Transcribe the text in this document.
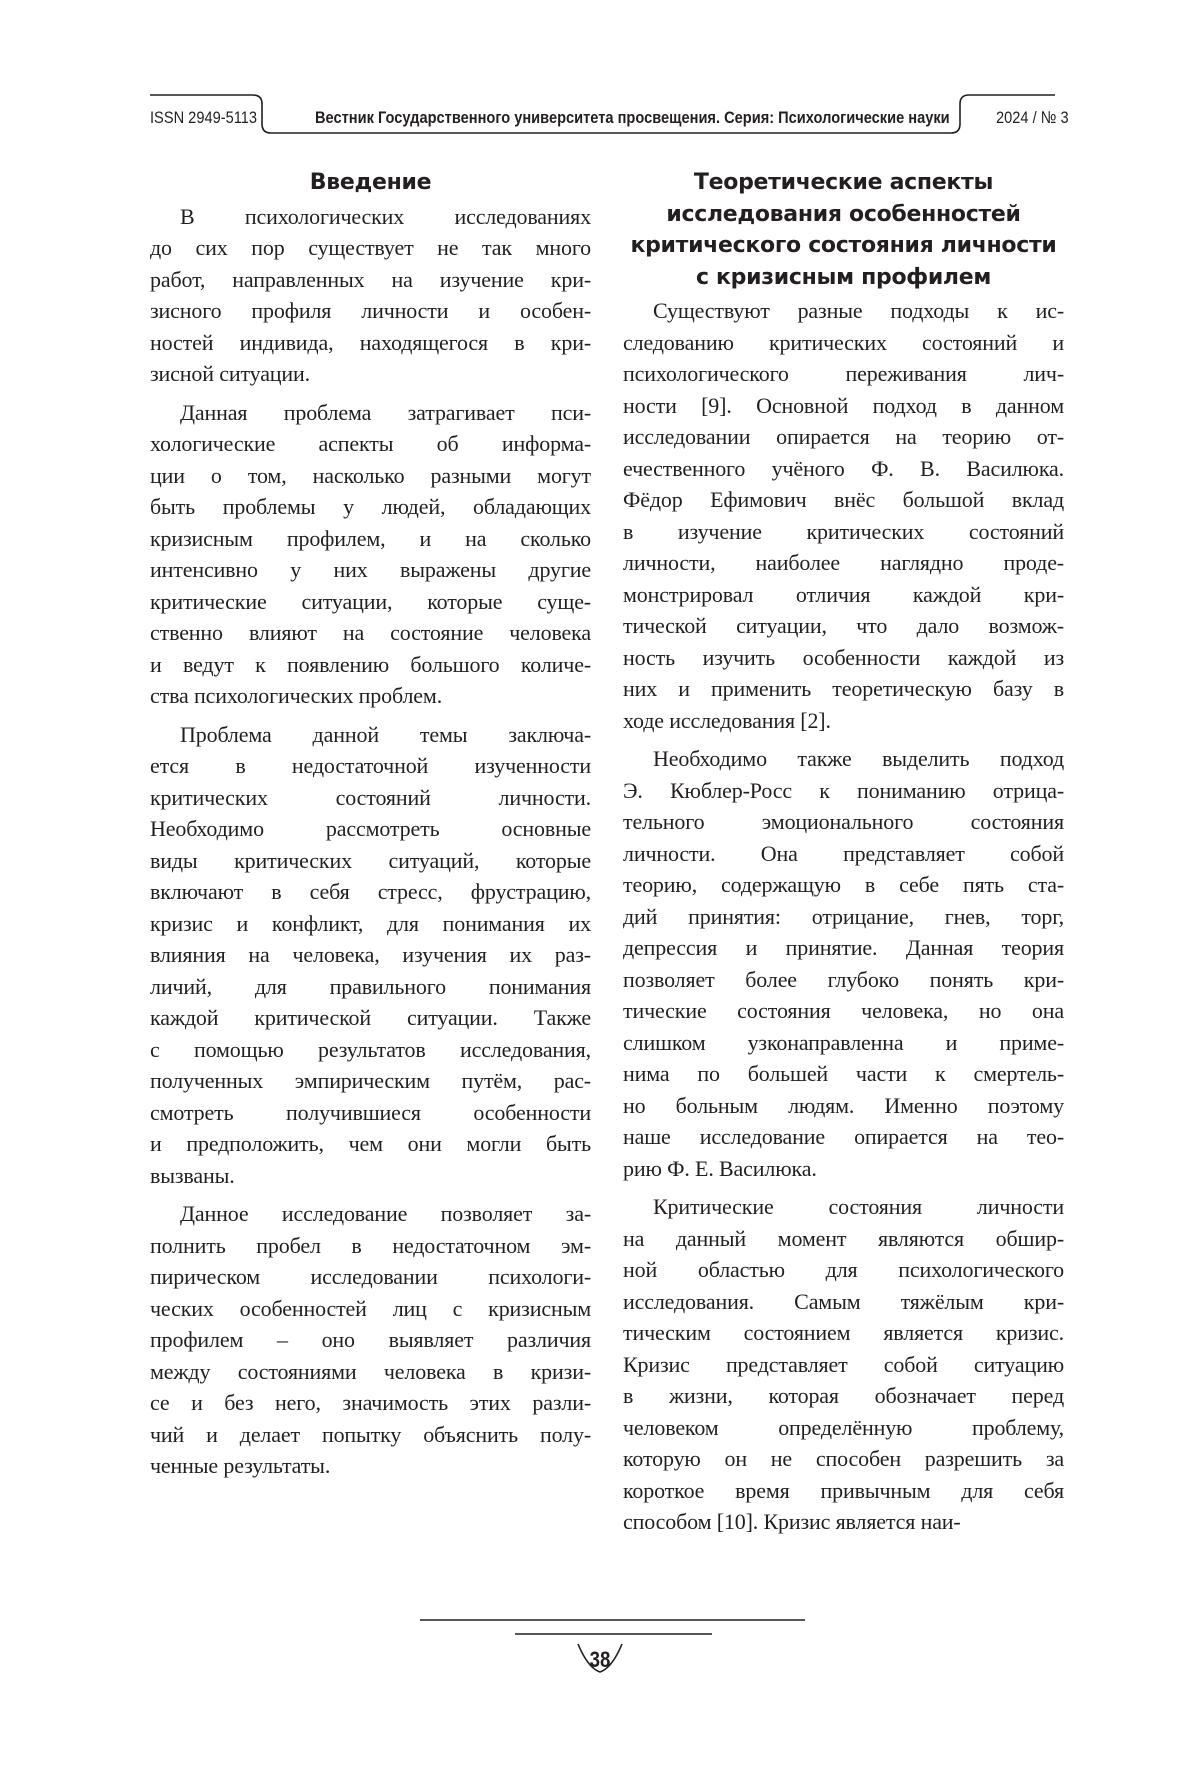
ISSN 2949-5113	Вестник Государственного университета просвещения. Серия: Психологические науки	2024 / № 3
Введение
В психологических исследованиях
до сих пор существует не так много
работ, направленных на изучение кри-
зисного профиля личности и особен-
ностей индивида, находящегося в кри-
зисной ситуации.
Данная проблема затрагивает пси-
хологические аспекты об информа-
ции о том, насколько разными могут
быть проблемы у людей, обладающих
кризисным профилем, и на сколько
интенсивно у них выражены другие
критические ситуации, которые суще-
ственно влияют на состояние человека
и ведут к появлению большого количе-
ства психологических проблем.
Проблема данной темы заключа-
ется в недостаточной изученности
критических состояний личности.
Необходимо рассмотреть основные
виды критических ситуаций, которые
включают в себя стресс, фрустрацию,
кризис и конфликт, для понимания их
влияния на человека, изучения их раз-
личий, для правильного понимания
каждой критической ситуации. Также
с помощью результатов исследования,
полученных эмпирическим путём, рас-
смотреть получившиеся особенности
и предположить, чем они могли быть
вызваны.
Данное исследование позволяет за-
полнить пробел в недостаточном эм-
пирическом исследовании психологи-
ческих особенностей лиц с кризисным
профилем – оно выявляет различия
между состояниями человека в кризи-
се и без него, значимость этих разли-
чий и делает попытку объяснить полу-
ченные результаты.
Теоретические аспекты
исследования особенностей
критического состояния личности
с кризисным профилем
Существуют разные подходы к ис-
следованию критических состояний и
психологического переживания лич-
ности [9]. Основной подход в данном
исследовании опирается на теорию от-
ечественного учёного Ф. В. Василюка.
Фёдор Ефимович внёс большой вклад
в изучение критических состояний
личности, наиболее наглядно проде-
монстрировал отличия каждой кри-
тической ситуации, что дало возмож-
ность изучить особенности каждой из
них и применить теоретическую базу в
ходе исследования [2].
Необходимо также выделить подход
Э. Кюблер-Росс к пониманию отрица-
тельного эмоционального состояния
личности. Она представляет собой
теорию, содержащую в себе пять ста-
дий принятия: отрицание, гнев, торг,
депрессия и принятие. Данная теория
позволяет более глубоко понять кри-
тические состояния человека, но она
слишком узконаправленна и приме-
нима по большей части к смертель-
но больным людям. Именно поэтому
наше исследование опирается на тео-
рию Ф. Е. Василюка.
Критические состояния личности
на данный момент являются обшир-
ной областью для психологического
исследования. Самым тяжёлым кри-
тическим состоянием является кризис.
Кризис представляет собой ситуацию
в жизни, которая обозначает перед
человеком определённую проблему,
которую он не способен разрешить за
короткое время привычным для себя
способом [10]. Кризис является наи-
38
